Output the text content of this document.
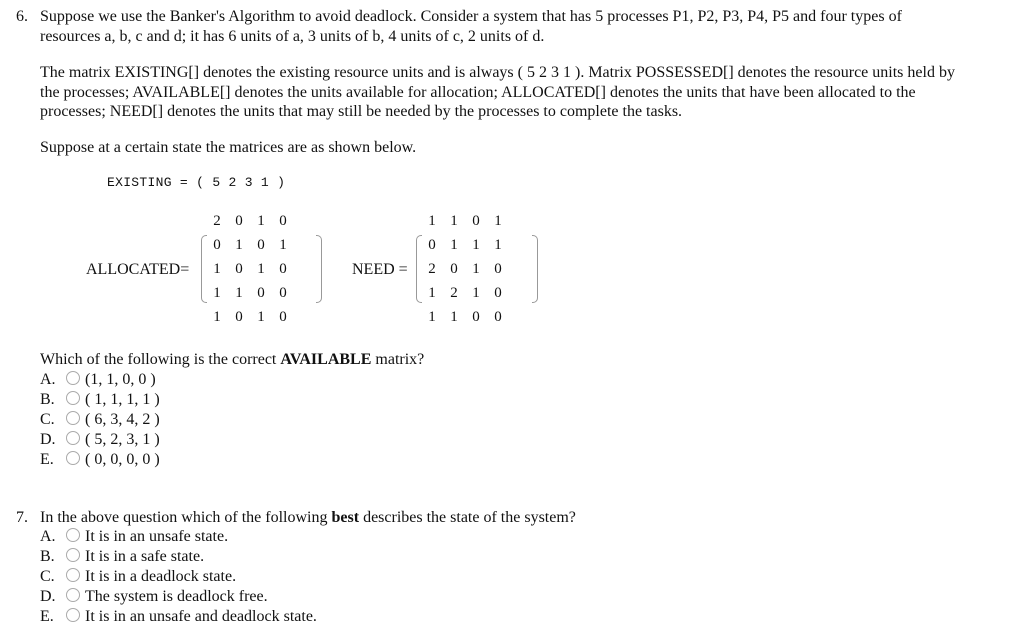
6. Suppose we use the Banker's Algorithm to avoid deadlock. Consider a system that has 5 processes P1, P2, P3, P4, P5 and four types of
resources a, b, c and d; it has 6 units of a, 3 units of b, 4 units of c, 2 units of d.
The matrix EXISTING[] denotes the existing resource units and is always ( 5 2 3 1 ). Matrix POSSESSED[] denotes the resource units held by
the processes; AVAILABLE[] denotes the units available for allocation; ALLOCATED[] denotes the units that have been allocated to the
processes; NEED[] denotes the units that may still be needed by the processes to complete the tasks.
Suppose at a certain state the matrices are as shown below.
EXISTING = ( 5 2 3 1 )
ALLOCATED=
2 0 1 0
0 1 0 1
1 0 1 0
1 1 0 0
1 0 1 0
NEED =
1 1 0 1
0 1 1 1
2 0 1 0
1 2 1 0
1 1 0 0
Which of the following is the correct AVAILABLE matrix?
A. (1, 1, 0, 0 )
B. ( 1, 1, 1, 1 )
C. ( 6, 3, 4, 2 )
D. ( 5, 2, 3, 1 )
E. ( 0, 0, 0, 0 )
7. In the above question which of the following best describes the state of the system?
A. It is in an unsafe state.
B. It is in a safe state.
C. It is in a deadlock state.
D. The system is deadlock free.
E. It is in an unsafe and deadlock state.
